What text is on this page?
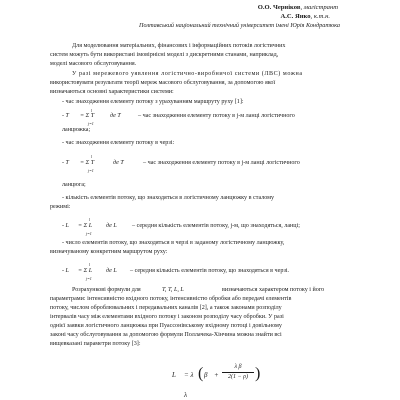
О.О. Черніков, магістрант
А.С. Янко, к.т.н.
Полтавський національний технічний університет імені Юрія Кондратюка
Для моделювання матеріальних, фінансових і інформаційних потоків логістичних
систем можуть бути використані імовірнісні моделі з дискретними станами, наприклад,
моделі масового обслуговування.
У разі мережевого уявлення логістично-виробничої системи (ЛВС) можна
використовувати результати теорії мереж масового обслуговування, за допомогою якої
визначаються основні характеристики системи:
- час знаходження елементу потоку з урахуванням маршруту руху [1]:
- T = Σ T
l
j=1
де T	– час знаходження елементу потоку в j-м ланці логістичного
ланцюжка;
- час знаходження елементу потоку в черзі:
- T = Σ T
l
j=1
де T	– час знаходження елементу потоку в j-м ланці логістичного
ланцюга;
- кількість елементів потоку, що знаходяться в логістичному ланцюжку в сталому
режимі:
- L = Σ L
l
j=1
де L – середня кількість елементів потоку, j-м, що знаходяться, ланці;
- число елементів потоку, що знаходяться в черзі в заданому логістичному ланцюжку,
визначуваному конкретним маршрутом руху:
- L = Σ L
l
j=1
де L – середня кількість елементів потоку, що знаходяться в черзі.
Розрахункові формули для	T, T, L, L	визначаються характером потоку і його
параметрами: інтенсивністю вхідного потоку, інтенсивністю обробки або передачі елементів
потоку, числом оброблювальних і передавальних каналів [2], а також законами розподілу
інтервалів часу між елементами вхідного потоку і законом розподілу часу обробки. У разі
однієї заявки логістичного ланцюжка при Пуассонівському вхідному потоці і довільному
законі часу обслуговування за допомогою формули Поллачека-Хінчина можна знайти всі
вищевказані параметри потоку [3]:
L = λ ( β +
λ β
2(1 − ρ) )
λ
